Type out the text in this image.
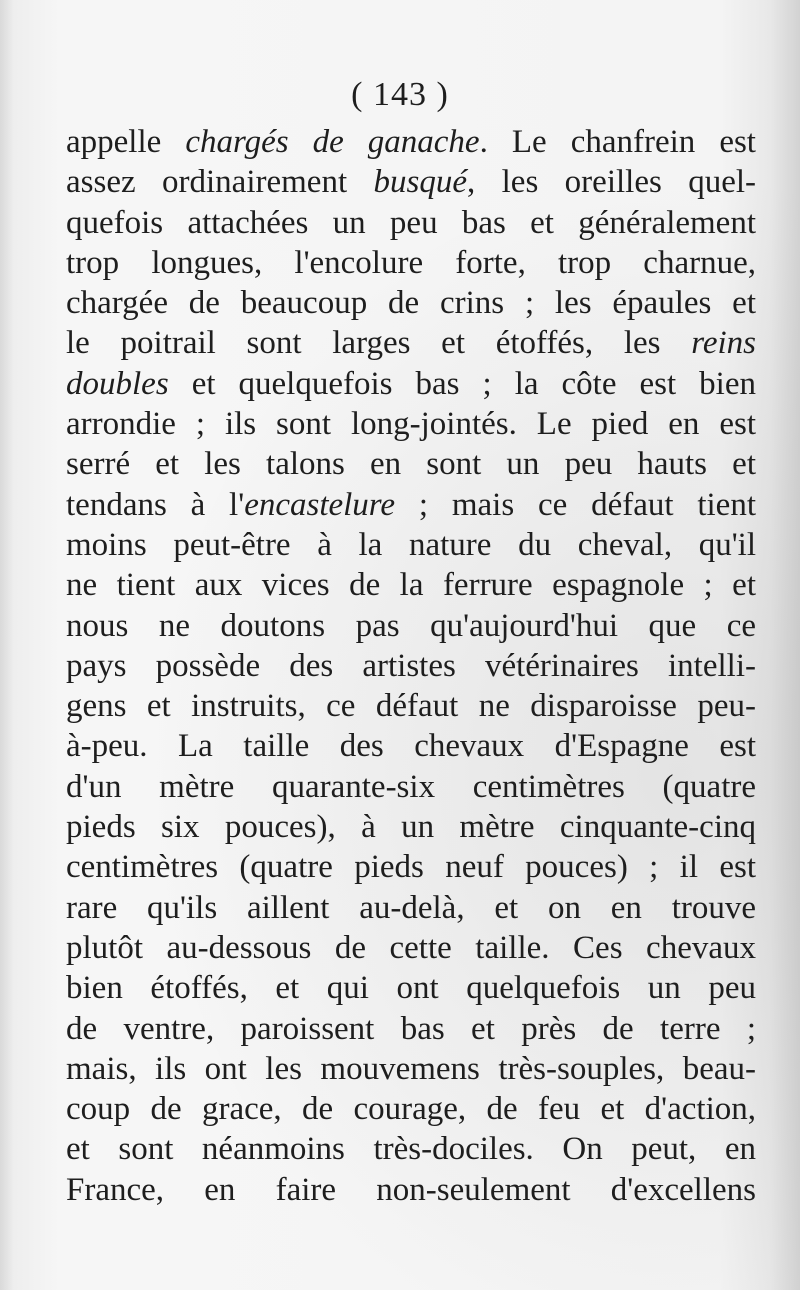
( 143 )
appelle chargés de ganache. Le chanfrein est
assez ordinairement busqué, les oreilles quel-
quefois attachées un peu bas et généralement
trop longues, l'encolure forte, trop charnue,
chargée de beaucoup de crins ; les épaules et
le poitrail sont larges et étoffés, les reins
doubles et quelquefois bas ; la côte est bien
arrondie ; ils sont long-jointés. Le pied en est
serré et les talons en sont un peu hauts et
tendans à l'encastelure ; mais ce défaut tient
moins peut-être à la nature du cheval, qu'il
ne tient aux vices de la ferrure espagnole ; et
nous ne doutons pas qu'aujourd'hui que ce
pays possède des artistes vétérinaires intelli-
gens et instruits, ce défaut ne disparoisse peu-
à-peu. La taille des chevaux d'Espagne est
d'un mètre quarante-six centimètres (quatre
pieds six pouces), à un mètre cinquante-cinq
centimètres (quatre pieds neuf pouces) ; il est
rare qu'ils aillent au-delà, et on en trouve
plutôt au-dessous de cette taille. Ces chevaux
bien étoffés, et qui ont quelquefois un peu
de ventre, paroissent bas et près de terre ;
mais, ils ont les mouvemens très-souples, beau-
coup de grace, de courage, de feu et d'action,
et sont néanmoins très-dociles. On peut, en
France, en faire non-seulement d'excellens
